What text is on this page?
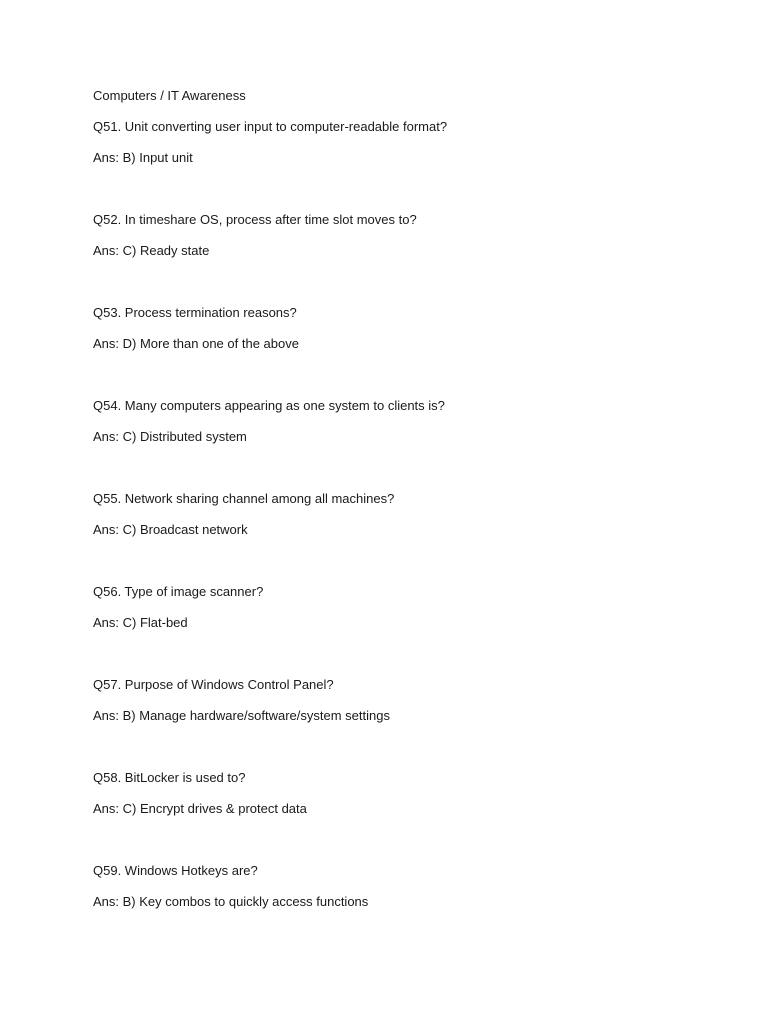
Computers / IT Awareness
Q51. Unit converting user input to computer-readable format?
Ans: B) Input unit
Q52. In timeshare OS, process after time slot moves to?
Ans: C) Ready state
Q53. Process termination reasons?
Ans: D) More than one of the above
Q54. Many computers appearing as one system to clients is?
Ans: C) Distributed system
Q55. Network sharing channel among all machines?
Ans: C) Broadcast network
Q56. Type of image scanner?
Ans: C) Flat-bed
Q57. Purpose of Windows Control Panel?
Ans: B) Manage hardware/software/system settings
Q58. BitLocker is used to?
Ans: C) Encrypt drives & protect data
Q59. Windows Hotkeys are?
Ans: B) Key combos to quickly access functions
